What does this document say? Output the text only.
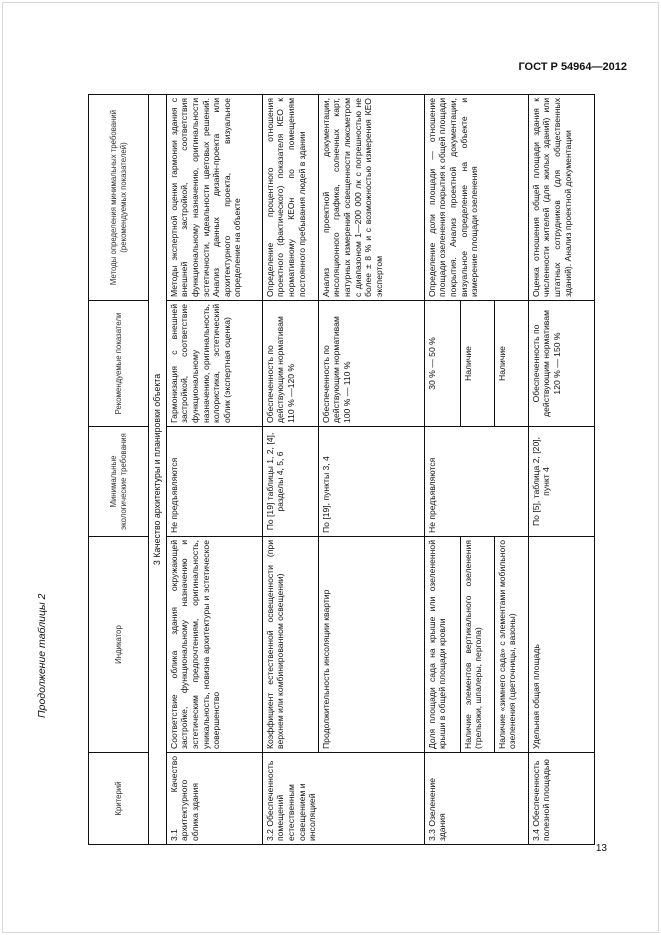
ГОСТ Р 54964—2012
Продолжение таблицы 2
Критерий	Индикатор	Минимальные экологические требования	Рекомендуемые показатели	Методы определения минимальных требований (рекомендуемых показателей)
3 Качество архитектуры и планировки объекта				
3.1 Качество архитектурного облика здания	Соответствие облика здания окружающей застройке, функциональному назначению и эстетическим предпочтениям, оригинальность, уникальность, новизна архитектуры и эстетическое совершенство	Не предъявляются	Гармонизация с внешней застройкой, соответствие функциональному назначению, оригинальность, колористика, эстетический облик (экспертная оценка)	Методы экспертной оценки гармонии здания с внешней застройкой, соответствия функциональному назначению, оригинальности эстетичности, идеальности цветовых решений. Анализ данных дизайн-проекта или архитектурного проекта, визуальное определение на объекте
3.2 Обеспеченность помещений естественным освещением и инсоляцией	Коэффициент естественной освещенности (при верхнем или комбинированном освещении)	По [19] таблицы 1, 2, [4], разделы 4, 5, 6	Обеспеченность по действующим нормативам 110 % —120 %	Определение процентного отношения проектного (фактического) показателя КЕО к нормативному КЕОн по помещениям постоянного пребывания людей в здании
	Продолжительность инсоляции квартир	По [19], пункты 3, 4	Обеспеченность по действующим нормативам 100 % — 110 %	Анализ проектной документации, инсоляционного графика, солнечных карт, натурных измерений освещенности люксметром с диапазоном 1—200 000 лк с погрешностью не более ± 8 % и с возможностью измерения КЕО экспертом
3.3 Озеленение здания	Доля площади сада на крыше или озелененной крыши в общей площади кровли	Не предъявляются	30 % — 50 %	Определение доли площади — отношение площади озеленения покрытия к общей площади покрытия. Анализ проектной документации, визуальное определение на объекте и измерение площади озеленения
	Наличие элементов вертикального озеленения (трельяжи, шпалеры, пергола)		Наличие	
	Наличие «зимнего сада» с элементами мобильного озеленения (цветочницы, вазоны)		Наличие	
3.4 Обеспеченность полезной площадью	Удельная общая площадь	По [5], таблица 2, [20], пункт 4	Обеспеченность по действующим нормативам 120 % — 150 %	Оценка отношения общей площади здания к численности жителей (для жилых зданий) или штатных сотрудников (для общественных зданий). Анализ проектной документации
13
